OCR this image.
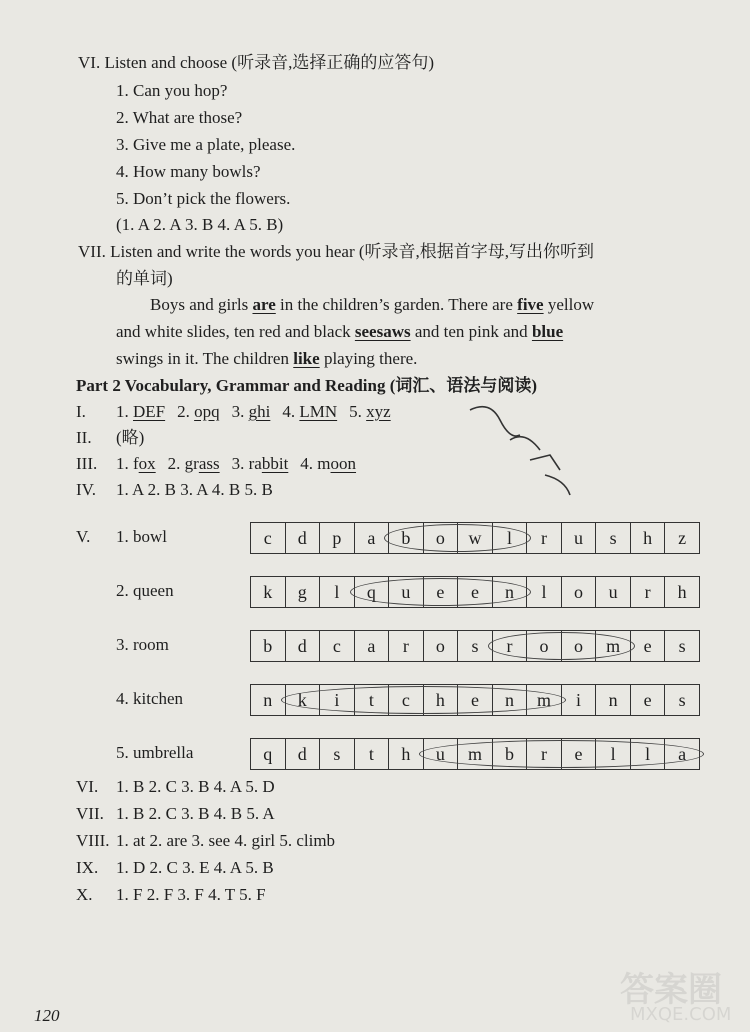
VI. Listen and choose (听录音,选择正确的应答句)
1. Can you hop?
2. What are those?
3. Give me a plate, please.
4. How many bowls?
5. Don’t pick the flowers.
(1. A 2. A 3. B 4. A 5. B)
VII. Listen and write the words you hear (听录音,根据首字母,写出你听到
的单词)
Boys and girls are in the children’s garden. There are five yellow
and white slides, ten red and black seesaws and ten pink and blue
swings in it. The children like playing there.
Part 2 Vocabulary, Grammar and Reading (词汇、语法与阅读)
I. 1. DEF 2. opq 3. ghi 4. LMN 5. xyz
II. (略)
III. 1. fox 2. grass 3. rabbit 4. moon
IV. 1. A 2. B 3. A 4. B 5. B
V. 1. bowl
2. queen
3. room
4. kitchen
5. umbrella
c	d	p	a	b	o	w	l	r	u	s	h	z
k	g	l	q	u	e	e	n	l	o	u	r	h
b	d	c	a	r	o	s	r	o	o	m	e	s
n	k	i	t	c	h	e	n	m	i	n	e	s
q	d	s	t	h	u	m	b	r	e	l	l	a
VI. 1. B 2. C 3. B 4. A 5. D
VII. 1. B 2. C 3. B 4. B 5. A
VIII. 1. at 2. are 3. see 4. girl 5. climb
IX. 1. D 2. C 3. E 4. A 5. B
X. 1. F 2. F 3. F 4. T 5. F
答案圈
MXQE.COM
120
